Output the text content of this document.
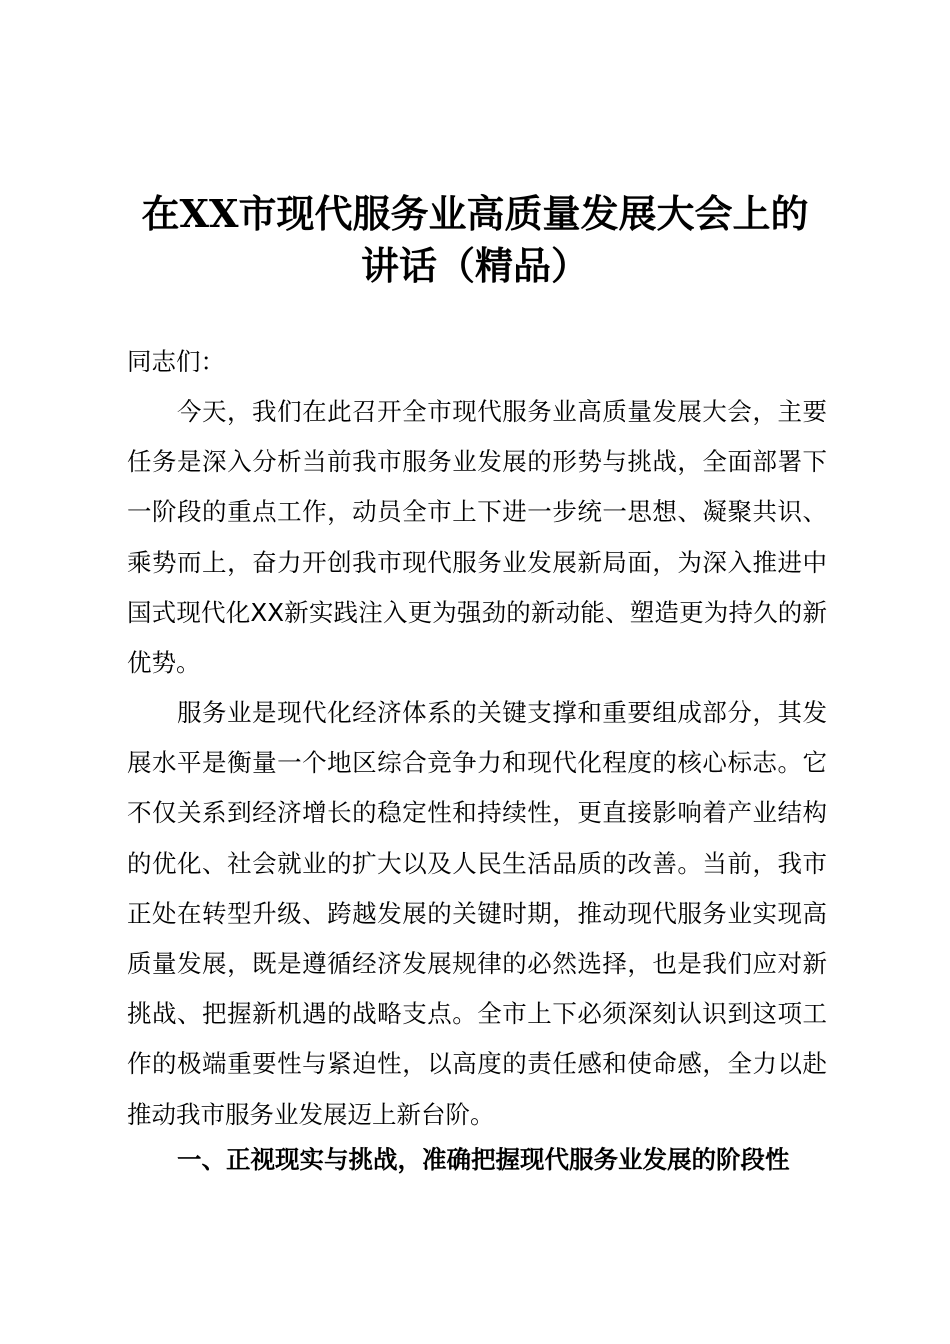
在XX市现代服务业高质量发展大会上的
讲话（精品）

同志们：

今天，我们在此召开全市现代服务业高质量发展大会，主要任务是深入分析当前我市服务业发展的形势与挑战，全面部署下一阶段的重点工作，动员全市上下进一步统一思想、凝聚共识、乘势而上，奋力开创我市现代服务业发展新局面，为深入推进中国式现代化XX新实践注入更为强劲的新动能、塑造更为持久的新优势。

服务业是现代化经济体系的关键支撑和重要组成部分，其发展水平是衡量一个地区综合竞争力和现代化程度的核心标志。它不仅关系到经济增长的稳定性和持续性，更直接影响着产业结构的优化、社会就业的扩大以及人民生活品质的改善。当前，我市正处在转型升级、跨越发展的关键时期，推动现代服务业实现高质量发展，既是遵循经济发展规律的必然选择，也是我们应对新挑战、把握新机遇的战略支点。全市上下必须深刻认识到这项工作的极端重要性与紧迫性，以高度的责任感和使命感，全力以赴推动我市服务业发展迈上新台阶。

一、正视现实与挑战，准确把握现代服务业发展的阶段性
